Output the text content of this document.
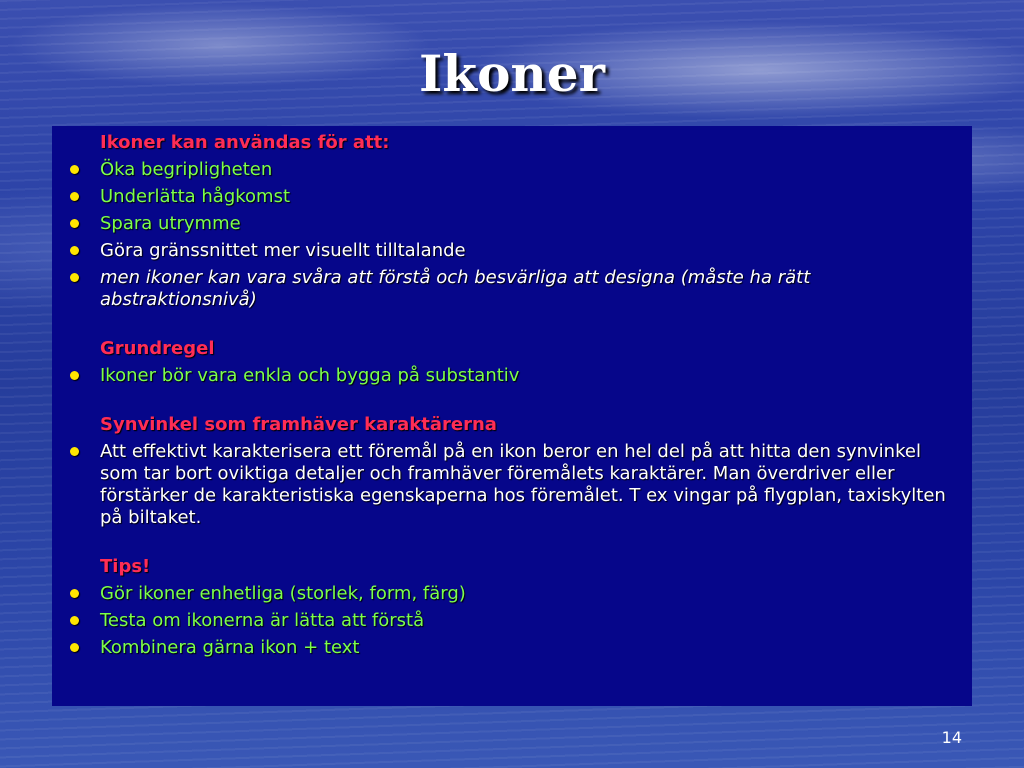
Ikoner
Ikoner kan användas för att:
Öka begripligheten
Underlätta hågkomst
Spara utrymme
Göra gränssnittet mer visuellt tilltalande
men ikoner kan vara svåra att förstå och besvärliga att designa (måste ha rätt abstraktionsnivå)
Grundregel
Ikoner bör vara enkla och bygga på substantiv
Synvinkel som framhäver karaktärerna
Att effektivt karakterisera ett föremål på en ikon beror en hel del på att hitta den synvinkel som tar bort oviktiga detaljer och framhäver föremålets karaktärer. Man överdriver eller förstärker de karakteristiska egenskaperna hos föremålet. T ex vingar på flygplan, taxiskylten på biltaket.
Tips!
Gör ikoner enhetliga (storlek, form, färg)
Testa om ikonerna är lätta att förstå
Kombinera gärna ikon + text
14
